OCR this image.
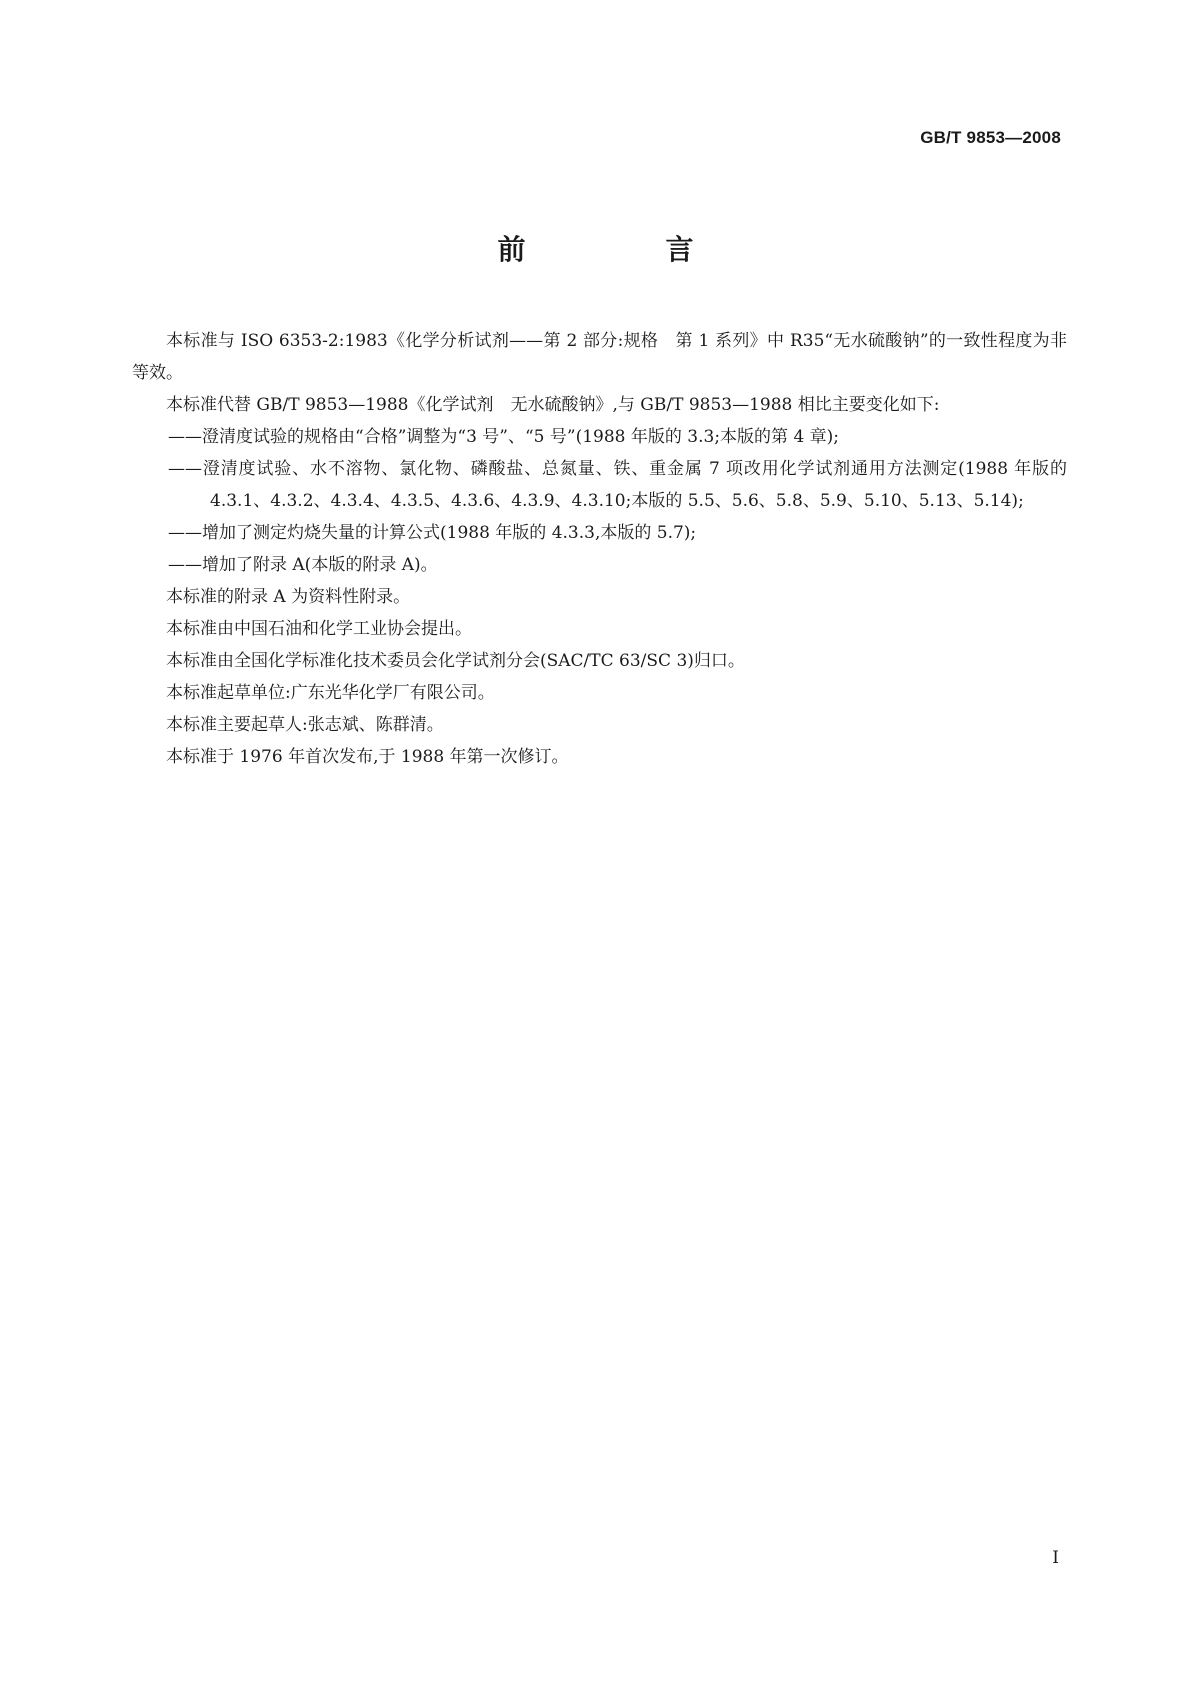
GB/T 9853—2008
前　言

本标准与 ISO 6353-2:1983《化学分析试剂——第 2 部分:规格　第 1 系列》中 R35“无水硫酸钠”的一致性程度为非等效。

本标准代替 GB/T 9853—1988《化学试剂　无水硫酸钠》,与 GB/T 9853—1988 相比主要变化如下:

——澄清度试验的规格由“合格”调整为“3 号”、“5 号”(1988 年版的 3.3;本版的第 4 章);

——澄清度试验、水不溶物、氯化物、磷酸盐、总氮量、铁、重金属 7 项改用化学试剂通用方法测定(1988 年版的 4.3.1、4.3.2、4.3.4、4.3.5、4.3.6、4.3.9、4.3.10;本版的 5.5、5.6、5.8、5.9、5.10、5.13、5.14);

——增加了测定灼烧失量的计算公式(1988 年版的 4.3.3,本版的 5.7);

——增加了附录 A(本版的附录 A)。

本标准的附录 A 为资料性附录。

本标准由中国石油和化学工业协会提出。

本标准由全国化学标准化技术委员会化学试剂分会(SAC/TC 63/SC 3)归口。

本标准起草单位:广东光华化学厂有限公司。

本标准主要起草人:张志斌、陈群清。

本标准于 1976 年首次发布,于 1988 年第一次修订。

I
